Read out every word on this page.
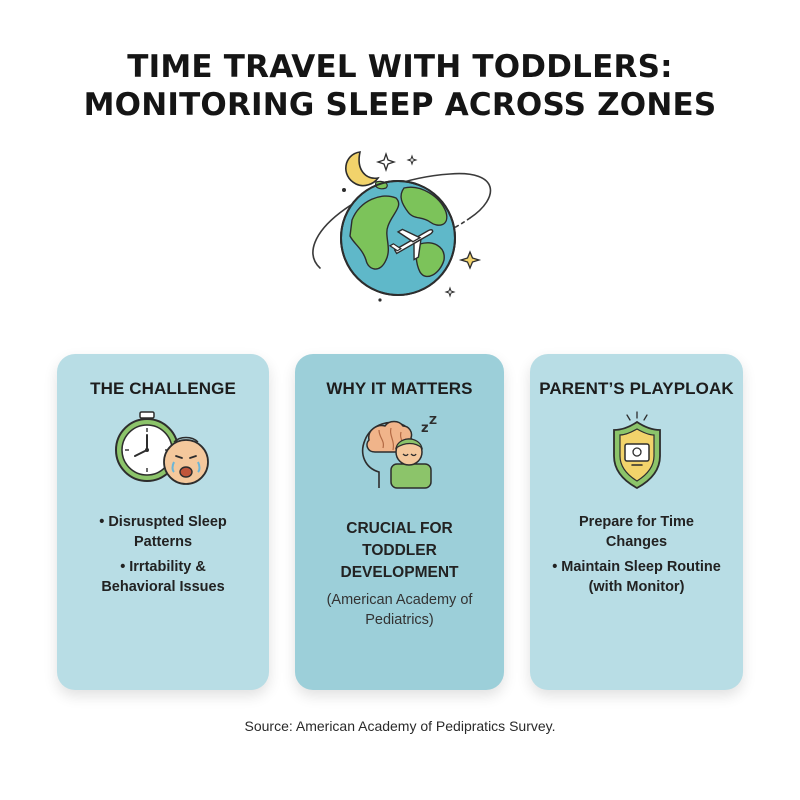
TIME TRAVEL WITH TODDLERS:
MONITORING SLEEP ACROSS ZONES
THE CHALLENGE
• Disruspted Sleep
Patterns
• Irrtability &
Behavioral Issues
WHY IT MATTERS
z
Z
CRUCIAL FOR
TODDLER
DEVELOPMENT
(American Academy of
Pediatrics)
PARENT’S PLAYPLOAK
Prepare for Time
Changes
• Maintain Sleep Routine
(with Monitor)
Source: American Academy of Pedipratics Survey.
